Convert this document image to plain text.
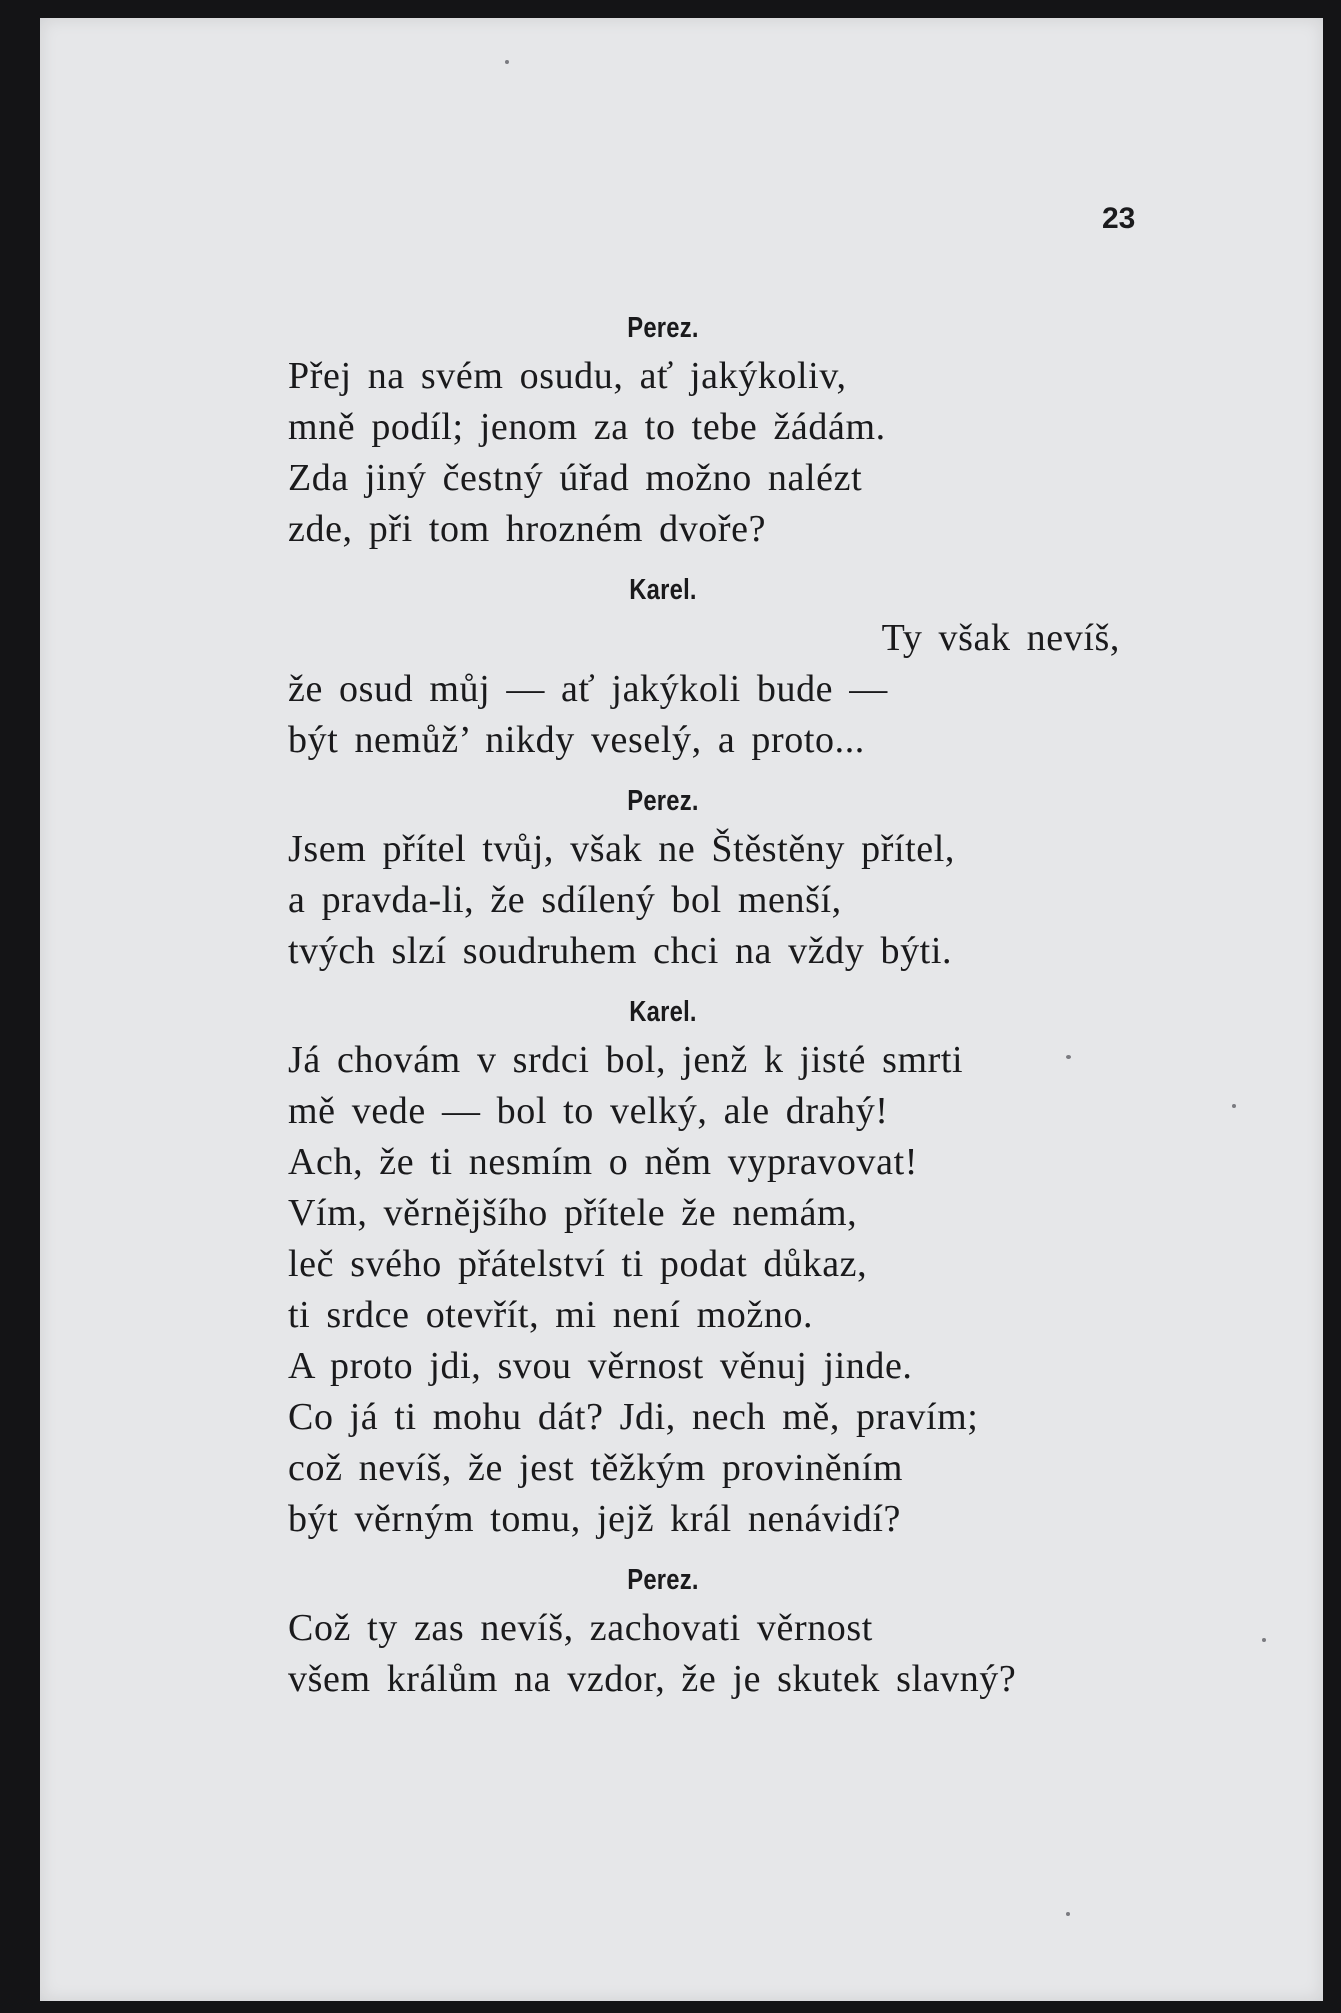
23
Perez.
Přej na svém osudu, ať jakýkoliv,
mně podíl; jenom za to tebe žádám.
Zda jiný čestný úřad možno nalézt
zde, při tom hrozném dvoře?
Karel.
Ty však nevíš,
že osud můj — ať jakýkoli bude —
být nemůž’ nikdy veselý, a proto...
Perez.
Jsem přítel tvůj, však ne Štěstěny přítel,
a pravda-li, že sdílený bol menší,
tvých slzí soudruhem chci na vždy býti.
Karel.
Já chovám v srdci bol, jenž k jisté smrti
mě vede — bol to velký, ale drahý!
Ach, že ti nesmím o něm vypravovat!
Vím, věrnějšího přítele že nemám,
leč svého přátelství ti podat důkaz,
ti srdce otevřít, mi není možno.
A proto jdi, svou věrnost věnuj jinde.
Co já ti mohu dát? Jdi, nech mě, pravím;
což nevíš, že jest těžkým proviněním
být věrným tomu, jejž král nenávidí?
Perez.
Což ty zas nevíš, zachovati věrnost
všem králům na vzdor, že je skutek slavný?
